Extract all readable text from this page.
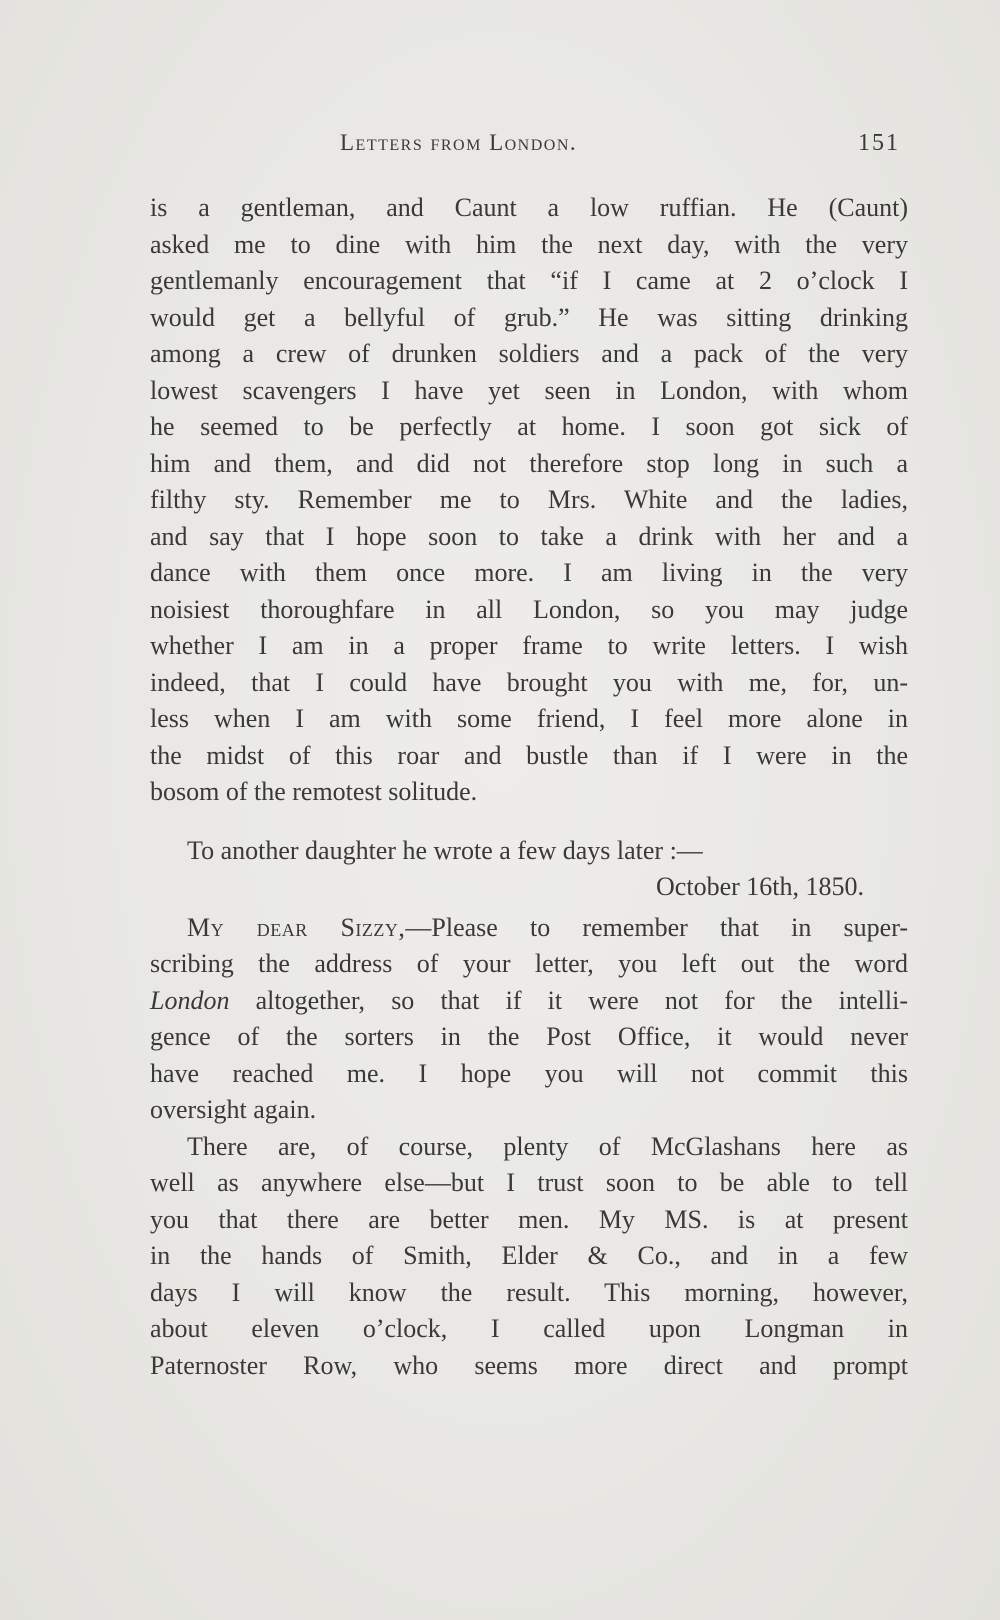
Letters from London.	151
is a gentleman, and Caunt a low ruffian. He (Caunt)
asked me to dine with him the next day, with the very
gentlemanly encouragement that “if I came at 2 o’clock I
would get a bellyful of grub.” He was sitting drinking
among a crew of drunken soldiers and a pack of the very
lowest scavengers I have yet seen in London, with whom
he seemed to be perfectly at home. I soon got sick of
him and them, and did not therefore stop long in such a
filthy sty. Remember me to Mrs. White and the ladies,
and say that I hope soon to take a drink with her and a
dance with them once more. I am living in the very
noisiest thoroughfare in all London, so you may judge
whether I am in a proper frame to write letters. I wish
indeed, that I could have brought you with me, for, un-
less when I am with some friend, I feel more alone in
the midst of this roar and bustle than if I were in the
bosom of the remotest solitude.
To another daughter he wrote a few days later :—
October 16th, 1850.
My dear Sizzy,—Please to remember that in super-
scribing the address of your letter, you left out the word
London altogether, so that if it were not for the intelli-
gence of the sorters in the Post Office, it would never
have reached me. I hope you will not commit this
oversight again.
There are, of course, plenty of McGlashans here as
well as anywhere else—but I trust soon to be able to tell
you that there are better men. My MS. is at present
in the hands of Smith, Elder & Co., and in a few
days I will know the result. This morning, however,
about eleven o’clock, I called upon Longman in
Paternoster Row, who seems more direct and prompt
